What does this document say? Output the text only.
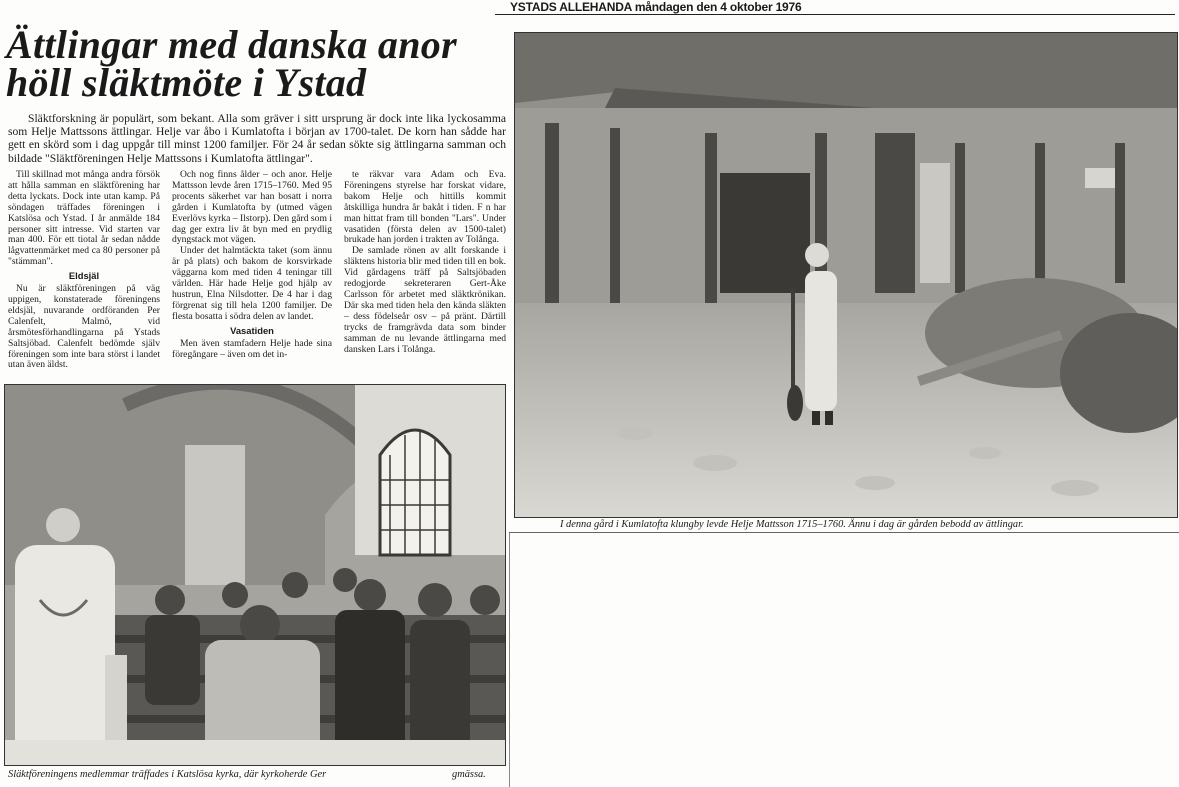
YSTADS ALLEHANDA måndagen den 4 oktober 1976
Ättlingar med danska anor
höll släktmöte i Ystad

Släktforskning är populärt, som bekant. Alla som gräver i sitt ursprung är dock inte lika lyckosamma som Helje Mattssons ättlingar. Helje var åbo i Kumlatofta i början av 1700-talet. De korn han sådde har gett en skörd som i dag uppgår till minst 1200 familjer. För 24 år sedan sökte sig ättlingarna samman och bildade "Släktföreningen Helje Mattssons i Kumlatofta ättlingar".

Till skillnad mot många andra försök att hålla samman en släktförening har detta lyckats. Dock inte utan kamp. På söndagen träffades föreningen i Katslösa och Ystad. I år anmälde 184 personer sitt intresse. Vid starten var man 400. För ett tiotal år sedan nådde lågvattenmärket med ca 80 personer på "stämman".

Eldsjäl

Nu är släktföreningen på väg uppigen, konstaterade föreningens eldsjäl, nuvarande ordföranden Per Calenfelt, Malmö, vid årsmötesförhandlingarna på Ystads Saltsjöbad. Calenfelt bedömde själv föreningen som inte bara störst i landet utan även äldst.

Och nog finns ålder – och anor. Helje Mattsson levde åren 1715–1760. Med 95 procents säkerhet var han bosatt i norra gården i Kumlatofta by (utmed vägen Everlövs kyrka – Ilstorp). Den gård som i dag ger extra liv åt byn med en prydlig dyngstack mot vägen.

Under det halmtäckta taket (som ännu är på plats) och bakom de korsvirkade väggarna kom med tiden 4 teningar till världen. Här hade Helje god hjälp av hustrun, Elna Nilsdotter. De 4 har i dag förgrenat sig till hela 1200 familjer. De flesta bosatta i södra delen av landet.

Vasatiden

Men även stamfadern Helje hade sina föregångare – även om det in-

te räkvar vara Adam och Eva. Föreningens styrelse har forskat vidare, bakom Helje och hittills kommit åtskilliga hundra år bakåt i tiden. F n har man hittat fram till bonden "Lars". Under vasatiden (första delen av 1500-talet) brukade han jorden i trakten av Tolånga.

De samlade rönen av allt forskande i släktens historia blir med tiden till en bok. Vid gårdagens träff på Saltsjöbaden redogjorde sekreteraren Gert-Åke Carlsson för arbetet med släktkrönikan. Där ska med tiden hela den kända släkten – dess födelseår osv – på pränt. Därtill trycks de framgrävda data som binder samman de nu levande ättlingarna med dansken Lars i Tolånga.

I denna gård i Kumlatofta klungby levde Helje Mattsson 1715–1760. Ännu i dag är gården bebodd av ättlingar.
Släktföreningens medlemmar träffades i Katslösa kyrka, där kyrkoherde Ger	gmässa.
